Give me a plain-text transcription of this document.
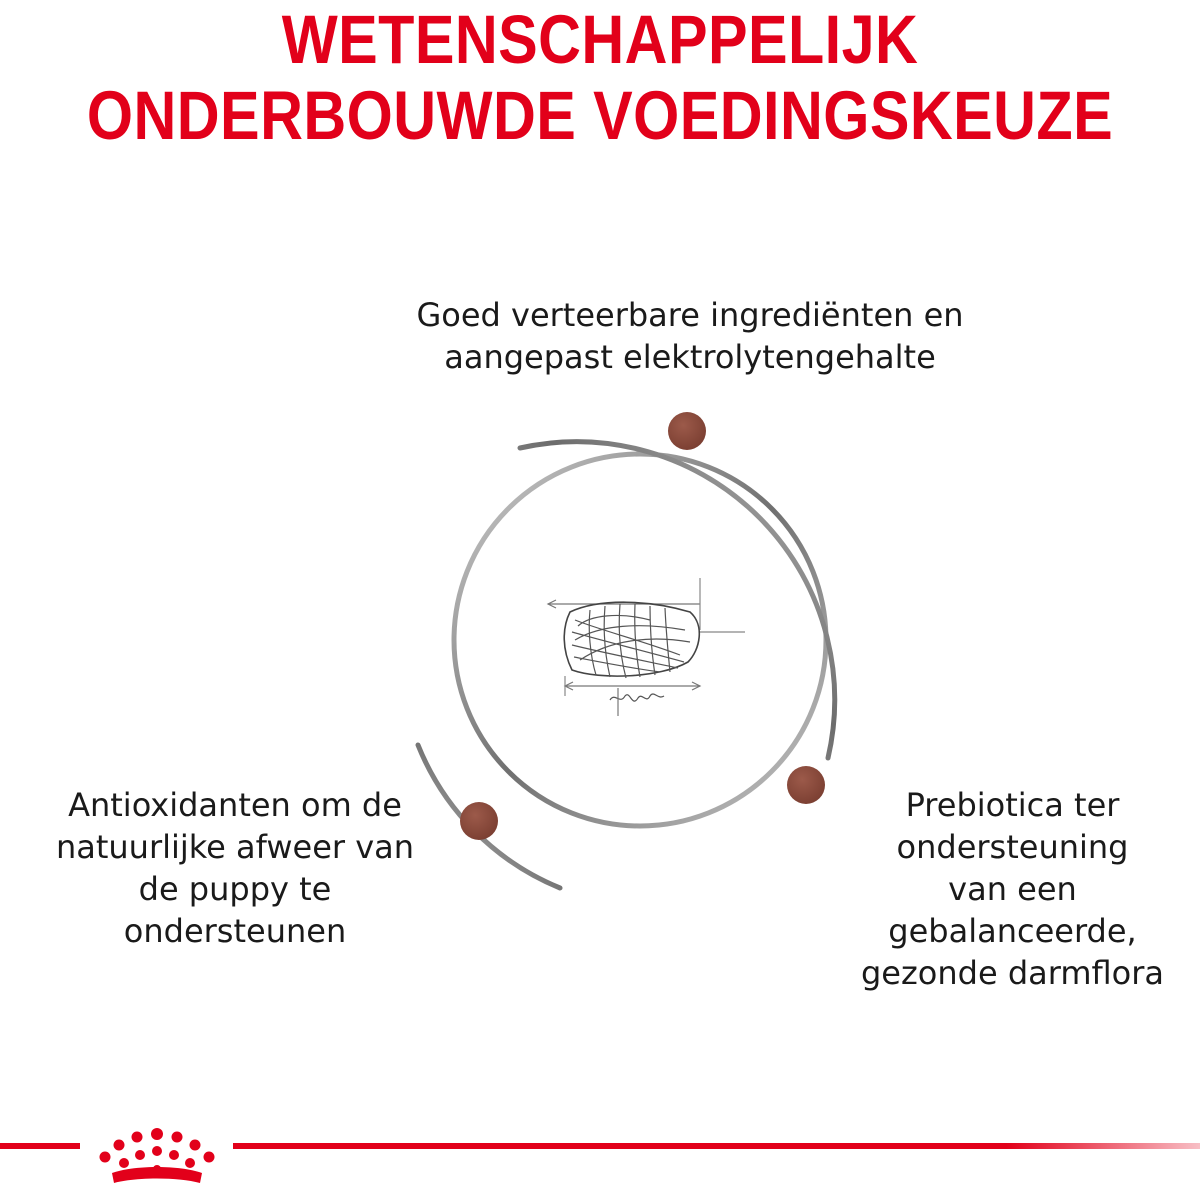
WETENSCHAPPELIJK
ONDERBOUWDE VOEDINGSKEUZE

Goed verteerbare ingrediënten en
aangepast elektrolytengehalte

Antioxidanten om de
natuurlijke afweer van
de puppy te
ondersteunen

Prebiotica ter
ondersteuning
van een
gebalanceerde,
gezonde darmflora
